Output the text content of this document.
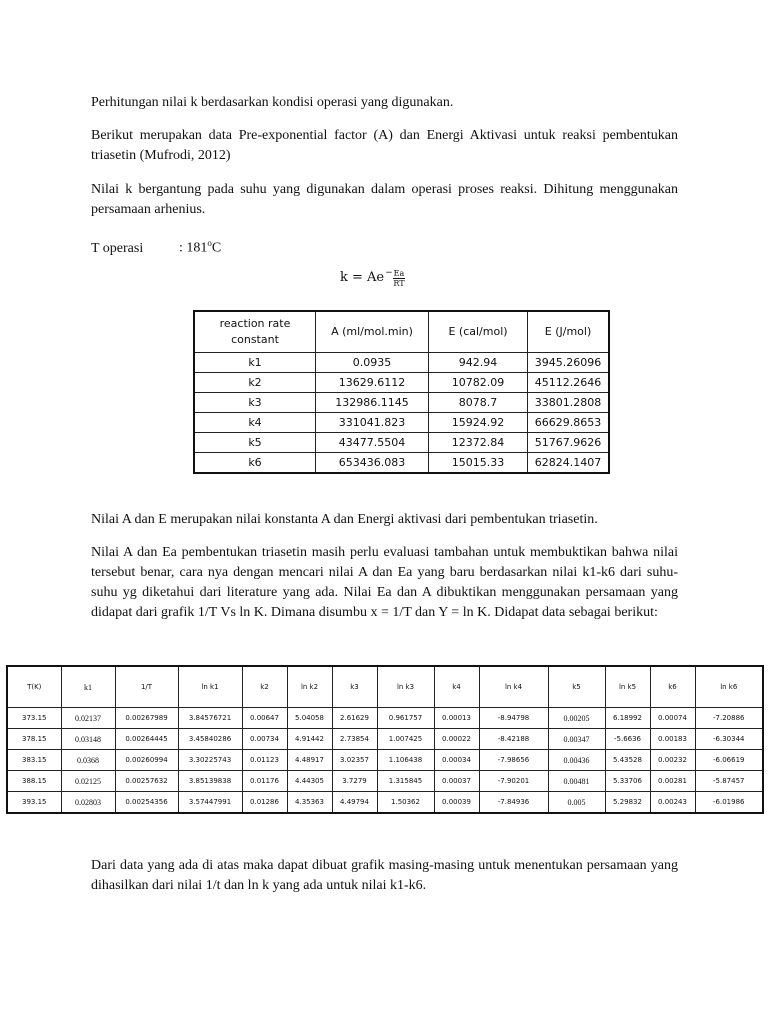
Perhitungan nilai k berdasarkan kondisi operasi yang digunakan.

Berikut merupakan data Pre-exponential factor (A) dan Energi Aktivasi untuk reaksi pembentukan triasetin (Mufrodi, 2012)

Nilai k bergantung pada suhu yang digunakan dalam operasi proses reaksi. Dihitung menggunakan persamaan arhenius.

T operasi	: 181$^o$C
$k = Ae^- \frac{Ea}{RT}$
reaction rate constant	A (ml/mol.min)	E (cal/mol)	E (J/mol)
k1	0.0935	942.94	3945.26096
k2	13629.6112	10782.09	45112.2646
k3	132986.1145	8078.7	33801.2808
k4	331041.823	15924.92	66629.8653
k5	43477.5504	12372.84	51767.9626
k6	653436.083	15015.33	62824.1407

Nilai A dan E merupakan nilai konstanta A dan Energi aktivasi dari pembentukan triasetin.

Nilai A dan Ea pembentukan triasetin masih perlu evaluasi tambahan untuk membuktikan bahwa nilai tersebut benar, cara nya dengan mencari nilai A dan Ea yang baru berdasarkan nilai k1-k6 dari suhu-suhu yg diketahui dari literature yang ada. Nilai Ea dan A dibuktikan menggunakan persamaan yang didapat dari grafik 1/T Vs ln K. Dimana disumbu x = 1/T dan Y = ln K. Didapat data sebagai berikut:

T(K)	k1	1/T	ln k1	k2	ln k2	k3	ln k3	k4	ln k4	k5	ln k5	k6	ln k6
373.15	0.02137	0.00267989	3.84576721	0.00647	5.04058	2.61629	0.961757	0.00013	-8.94798	0.00205	6.18992	0.00074	-7.20886
378.15	0.03148	0.00264445	3.45840286	0.00734	4.91442	2.73854	1.007425	0.00022	-8.42188	0.00347	-5.6636	0.00183	-6.30344
383.15	0.0368	0.00260994	3.30225743	0.01123	4.48917	3.02357	1.106438	0.00034	-7.98656	0.00436	5.43528	0.00232	-6.06619
388.15	0.02125	0.00257632	3.85139838	0.01176	4.44305	3.7279	1.315845	0.00037	-7.90201	0.00481	5.33706	0.00281	-5.87457
393.15	0.02803	0.00254356	3.57447991	0.01286	4.35363	4.49794	1.50362	0.00039	-7.84936	0.005	5.29832	0.00243	-6.01986

Dari data yang ada di atas maka dapat dibuat grafik masing-masing untuk menentukan persamaan yang dihasilkan dari nilai 1/t dan ln k yang ada untuk nilai k1-k6.
